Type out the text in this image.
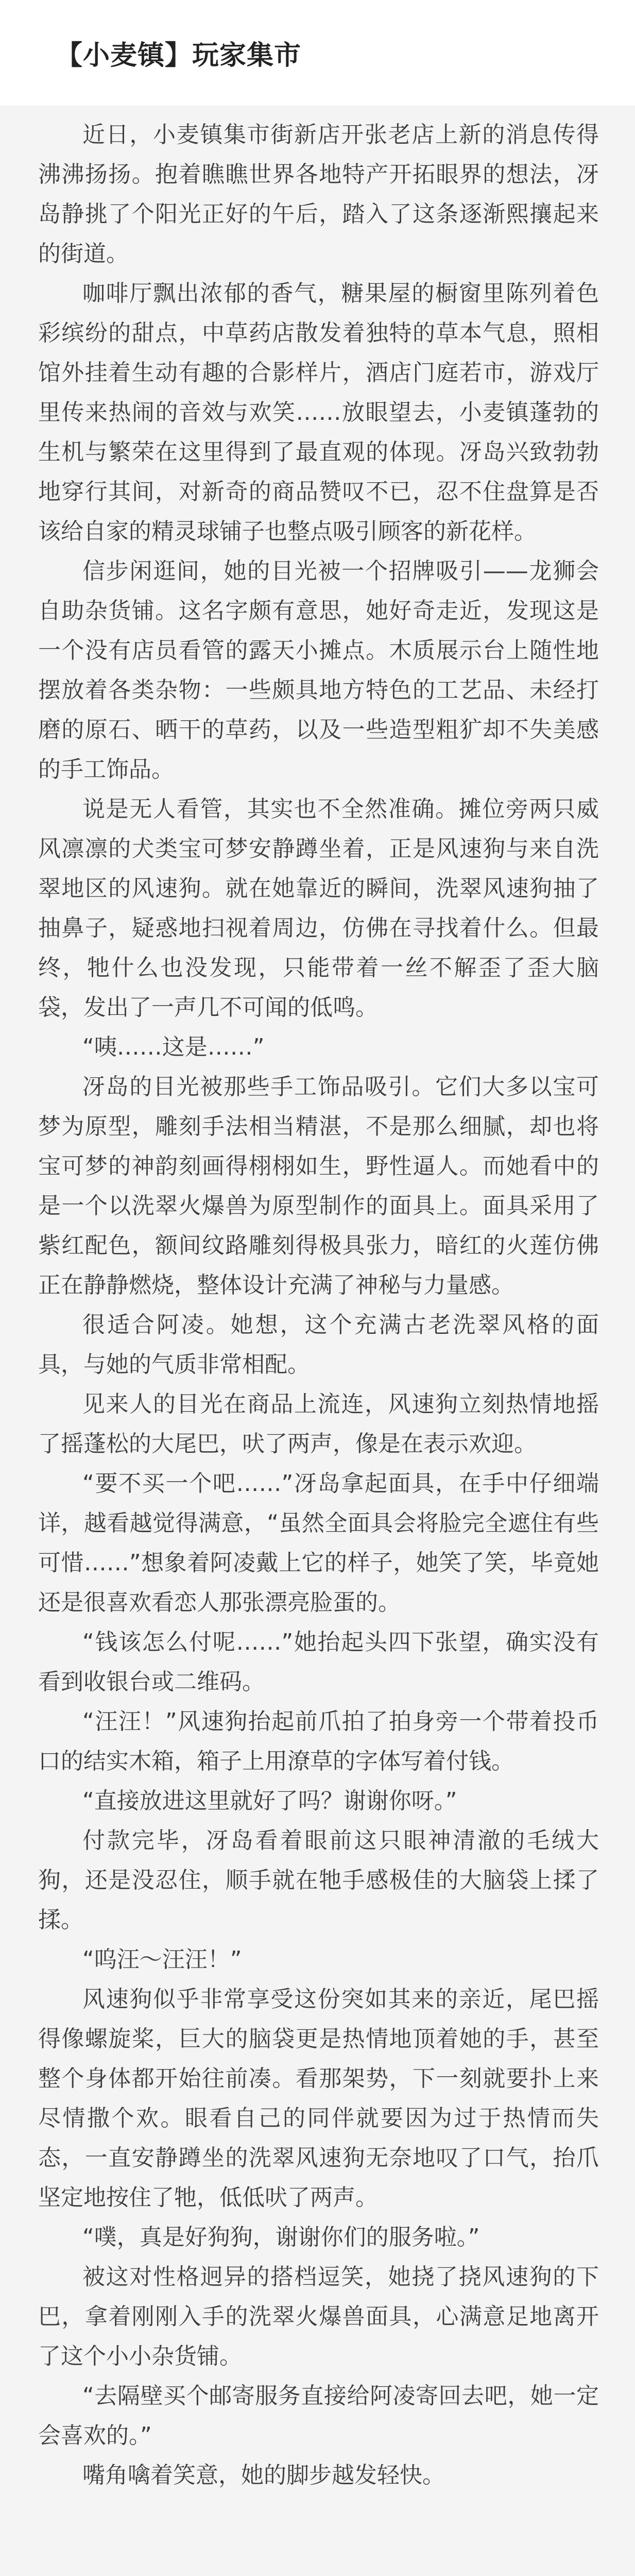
【小麦镇】玩家集市

近日，小麦镇集市街新店开张老店上新的消息传得沸沸扬扬。抱着瞧瞧世界各地特产开拓眼界的想法，冴岛静挑了个阳光正好的午后，踏入了这条逐渐熙攘起来的街道。

咖啡厅飘出浓郁的香气，糖果屋的橱窗里陈列着色彩缤纷的甜点，中草药店散发着独特的草本气息，照相馆外挂着生动有趣的合影样片，酒店门庭若市，游戏厅里传来热闹的音效与欢笑……放眼望去，小麦镇蓬勃的生机与繁荣在这里得到了最直观的体现。冴岛兴致勃勃地穿行其间，对新奇的商品赞叹不已，忍不住盘算是否该给自家的精灵球铺子也整点吸引顾客的新花样。

信步闲逛间，她的目光被一个招牌吸引——龙狮会自助杂货铺。这名字颇有意思，她好奇走近，发现这是一个没有店员看管的露天小摊点。木质展示台上随性地摆放着各类杂物：一些颇具地方特色的工艺品、未经打磨的原石、晒干的草药，以及一些造型粗犷却不失美感的手工饰品。

说是无人看管，其实也不全然准确。摊位旁两只威风凛凛的犬类宝可梦安静蹲坐着，正是风速狗与来自洗翠地区的风速狗。就在她靠近的瞬间，洗翠风速狗抽了抽鼻子，疑惑地扫视着周边，仿佛在寻找着什么。但最终，牠什么也没发现，只能带着一丝不解歪了歪大脑袋，发出了一声几不可闻的低鸣。

“咦……这是……”

冴岛的目光被那些手工饰品吸引。它们大多以宝可梦为原型，雕刻手法相当精湛，不是那么细腻，却也将宝可梦的神韵刻画得栩栩如生，野性逼人。而她看中的是一个以洗翠火爆兽为原型制作的面具上。面具采用了紫红配色，额间纹路雕刻得极具张力，暗红的火莲仿佛正在静静燃烧，整体设计充满了神秘与力量感。

很适合阿凌。她想，这个充满古老洗翠风格的面具，与她的气质非常相配。

见来人的目光在商品上流连，风速狗立刻热情地摇了摇蓬松的大尾巴，吠了两声，像是在表示欢迎。

“要不买一个吧……”冴岛拿起面具，在手中仔细端详，越看越觉得满意，“虽然全面具会将脸完全遮住有些可惜……”想象着阿凌戴上它的样子，她笑了笑，毕竟她还是很喜欢看恋人那张漂亮脸蛋的。

“钱该怎么付呢……”她抬起头四下张望，确实没有看到收银台或二维码。

“汪汪！”风速狗抬起前爪拍了拍身旁一个带着投币口的结实木箱，箱子上用潦草的字体写着付钱。

“直接放进这里就好了吗？谢谢你呀。”

付款完毕，冴岛看着眼前这只眼神清澈的毛绒大狗，还是没忍住，顺手就在牠手感极佳的大脑袋上揉了揉。

“呜汪～汪汪！”

风速狗似乎非常享受这份突如其来的亲近，尾巴摇得像螺旋桨，巨大的脑袋更是热情地顶着她的手，甚至整个身体都开始往前凑。看那架势，下一刻就要扑上来尽情撒个欢。眼看自己的同伴就要因为过于热情而失态，一直安静蹲坐的洗翠风速狗无奈地叹了口气，抬爪坚定地按住了牠，低低吠了两声。

“噗，真是好狗狗，谢谢你们的服务啦。”

被这对性格迥异的搭档逗笑，她挠了挠风速狗的下巴，拿着刚刚入手的洗翠火爆兽面具，心满意足地离开了这个小小杂货铺。

“去隔壁买个邮寄服务直接给阿凌寄回去吧，她一定会喜欢的。”

嘴角噙着笑意，她的脚步越发轻快。
